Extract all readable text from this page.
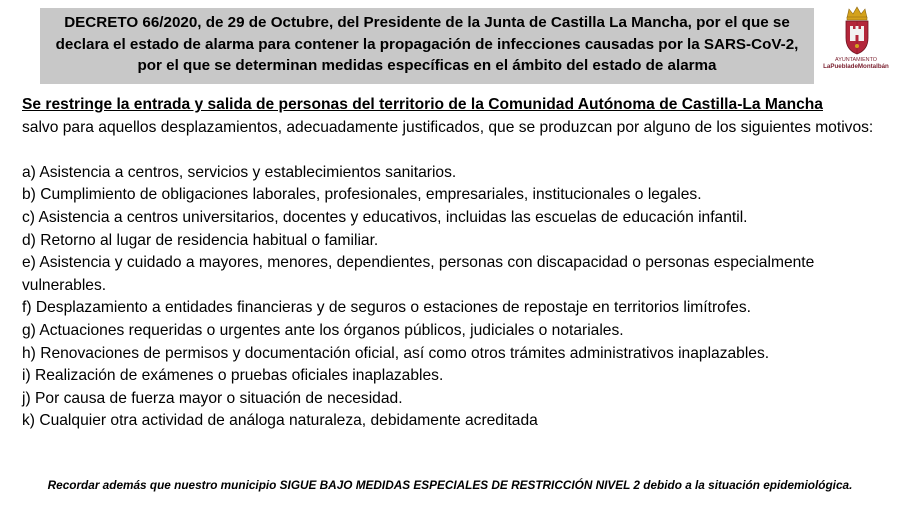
DECRETO 66/2020, de 29 de Octubre, del Presidente de la Junta de Castilla La Mancha, por el que se declara el estado de alarma para contener la propagación de infecciones causadas por la SARS-CoV-2, por el que se determinan medidas específicas en el ámbito del estado de alarma	AYUNTAMIENTO
LaPuebladeMontalbán
Se restringe la entrada y salida de personas del territorio de la Comunidad Autónoma de Castilla-La Mancha
salvo para aquellos desplazamientos, adecuadamente justificados, que se produzcan por alguno de los siguientes motivos:

a) Asistencia a centros, servicios y establecimientos sanitarios.

b) Cumplimiento de obligaciones laborales, profesionales, empresariales, institucionales o legales.

c) Asistencia a centros universitarios, docentes y educativos, incluidas las escuelas de educación infantil.

d) Retorno al lugar de residencia habitual o familiar.

e) Asistencia y cuidado a mayores, menores, dependientes, personas con discapacidad o personas especialmente vulnerables.

f) Desplazamiento a entidades financieras y de seguros o estaciones de repostaje en territorios limítrofes.

g) Actuaciones requeridas o urgentes ante los órganos públicos, judiciales o notariales.

h) Renovaciones de permisos y documentación oficial, así como otros trámites administrativos inaplazables.

i) Realización de exámenes o pruebas oficiales inaplazables.

j) Por causa de fuerza mayor o situación de necesidad.

k) Cualquier otra actividad de análoga naturaleza, debidamente acreditada

Recordar además que nuestro municipio SIGUE BAJO MEDIDAS ESPECIALES DE RESTRICCIÓN NIVEL 2 debido a la situación epidemiológica.
